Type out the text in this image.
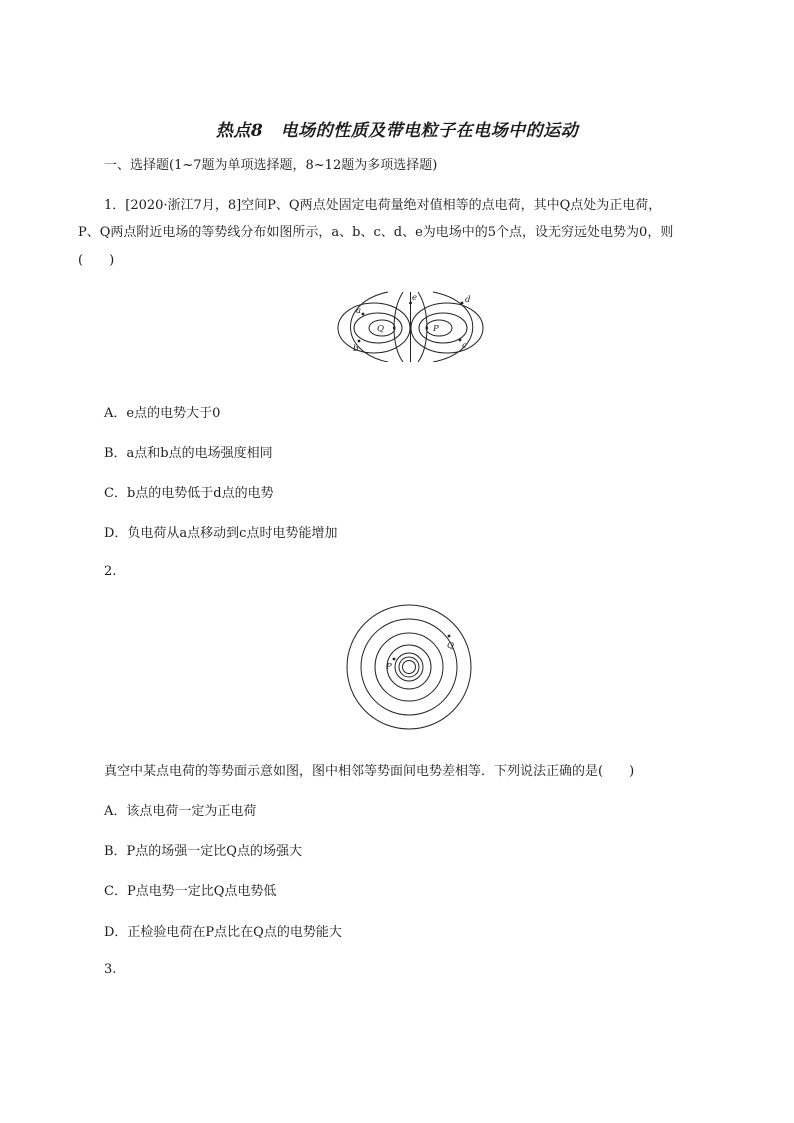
热点8　电场的性质及带电粒子在电场中的运动
一、选择题(1~7题为单项选择题，8~12题为多项选择题)
1．[2020·浙江7月，8]空间P、Q两点处固定电荷量绝对值相等的点电荷，其中Q点处为正电荷，
P、Q两点附近电场的等势线分布如图所示，a、b、c、d、e为电场中的5个点，设无穷远处电势为0，则
(　　)
Q	P
a
b	c
d
e
A．e点的电势大于0
B．a点和b点的电场强度相同
C．b点的电势低于d点的电势
D．负电荷从a点移动到c点时电势能增加
2.
P
Q
真空中某点电荷的等势面示意如图，图中相邻等势面间电势差相等．下列说法正确的是(　　)
A．该点电荷一定为正电荷
B．P点的场强一定比Q点的场强大
C．P点电势一定比Q点电势低
D．正检验电荷在P点比在Q点的电势能大
3.
